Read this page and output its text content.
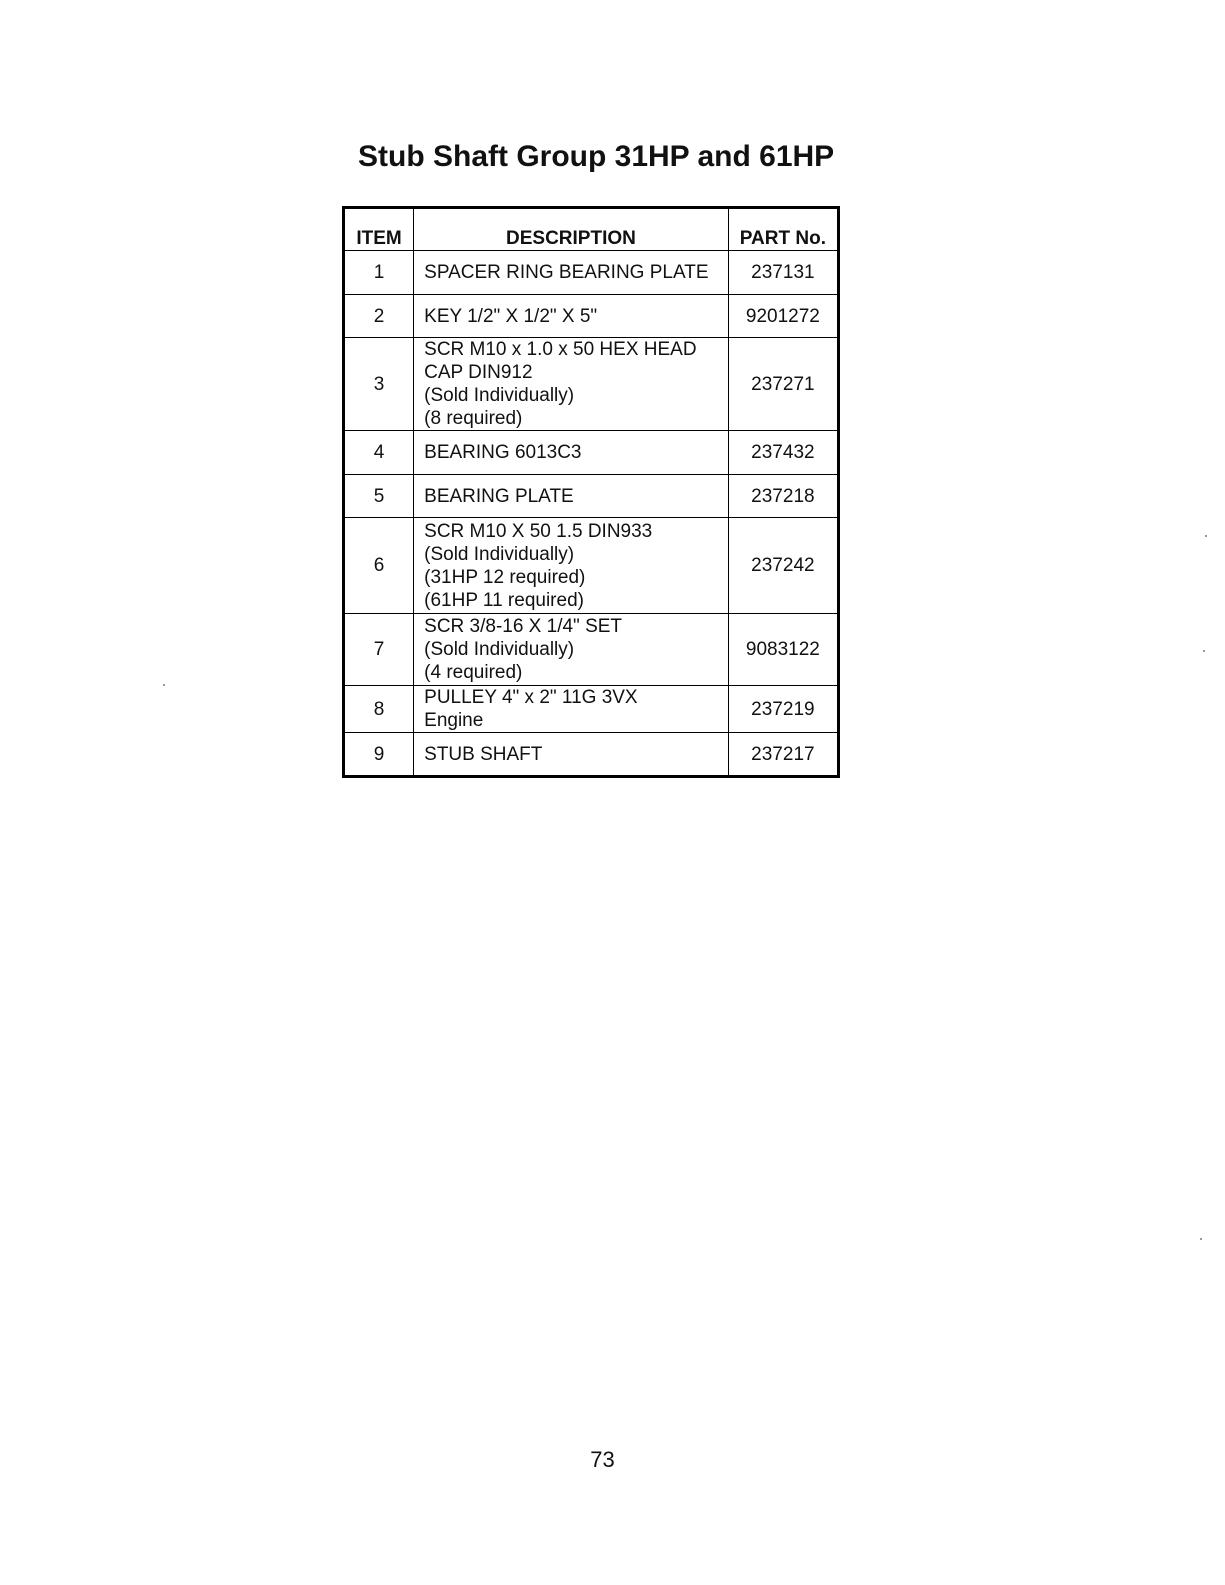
Stub Shaft Group 31HP and 61HP
ITEM	DESCRIPTION	PART No.
1	SPACER RING BEARING PLATE	237131
2	KEY 1/2" X 1/2" X 5"	9201272
3	SCR M10 x 1.0 x 50 HEX HEAD
CAP DIN912
(Sold Individually)
(8 required)	237271
4	BEARING 6013C3	237432
5	BEARING PLATE	237218
6	SCR M10 X 50 1.5 DIN933
(Sold Individually)
(31HP 12 required)
(61HP 11 required)	237242
7	SCR 3/8-16 X 1/4" SET
(Sold Individually)
(4 required)	9083122
8	PULLEY 4" x 2" 11G 3VX
Engine	237219
9	STUB SHAFT	237217
73
